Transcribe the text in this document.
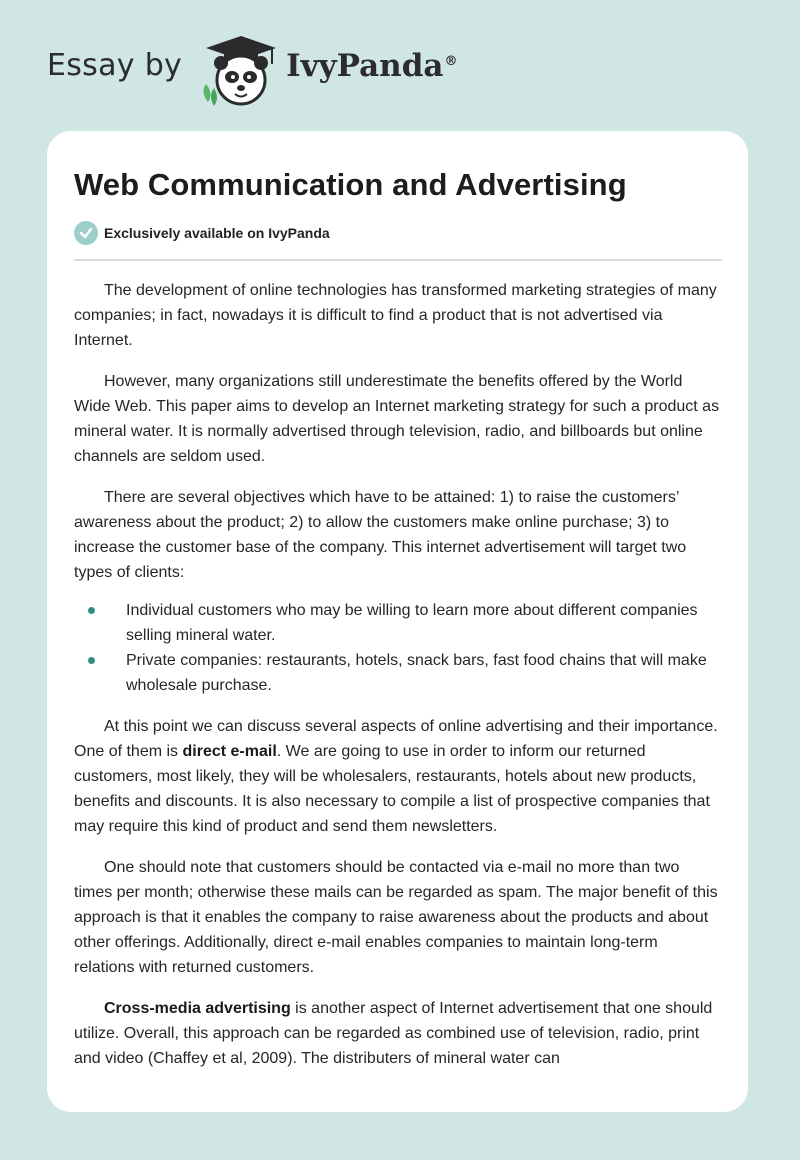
Essay by	IvyPanda®
Web Communication and Advertising
Exclusively available on IvyPanda

The development of online technologies has transformed marketing strategies of many companies; in fact, nowadays it is difficult to find a product that is not advertised via Internet.

However, many organizations still underestimate the benefits offered by the World Wide Web. This paper aims to develop an Internet marketing strategy for such a product as mineral water. It is normally advertised through television, radio, and billboards but online channels are seldom used.

There are several objectives which have to be attained: 1) to raise the customers’ awareness about the product; 2) to allow the customers make online purchase; 3) to increase the customer base of the company. This internet advertisement will target two types of clients:

Individual customers who may be willing to learn more about different companies selling mineral water.
Private companies: restaurants, hotels, snack bars, fast food chains that will make wholesale purchase.

At this point we can discuss several aspects of online advertising and their importance. One of them is direct e-mail. We are going to use in order to inform our returned customers, most likely, they will be wholesalers, restaurants, hotels about new products, benefits and discounts. It is also necessary to compile a list of prospective companies that may require this kind of product and send them newsletters.

One should note that customers should be contacted via e-mail no more than two times per month; otherwise these mails can be regarded as spam. The major benefit of this approach is that it enables the company to raise awareness about the products and about other offerings. Additionally, direct e-mail enables companies to maintain long-term relations with returned customers.

Cross-media advertising is another aspect of Internet advertisement that one should utilize. Overall, this approach can be regarded as combined use of television, radio, print and video (Chaffey et al, 2009). The distributers of mineral water can
